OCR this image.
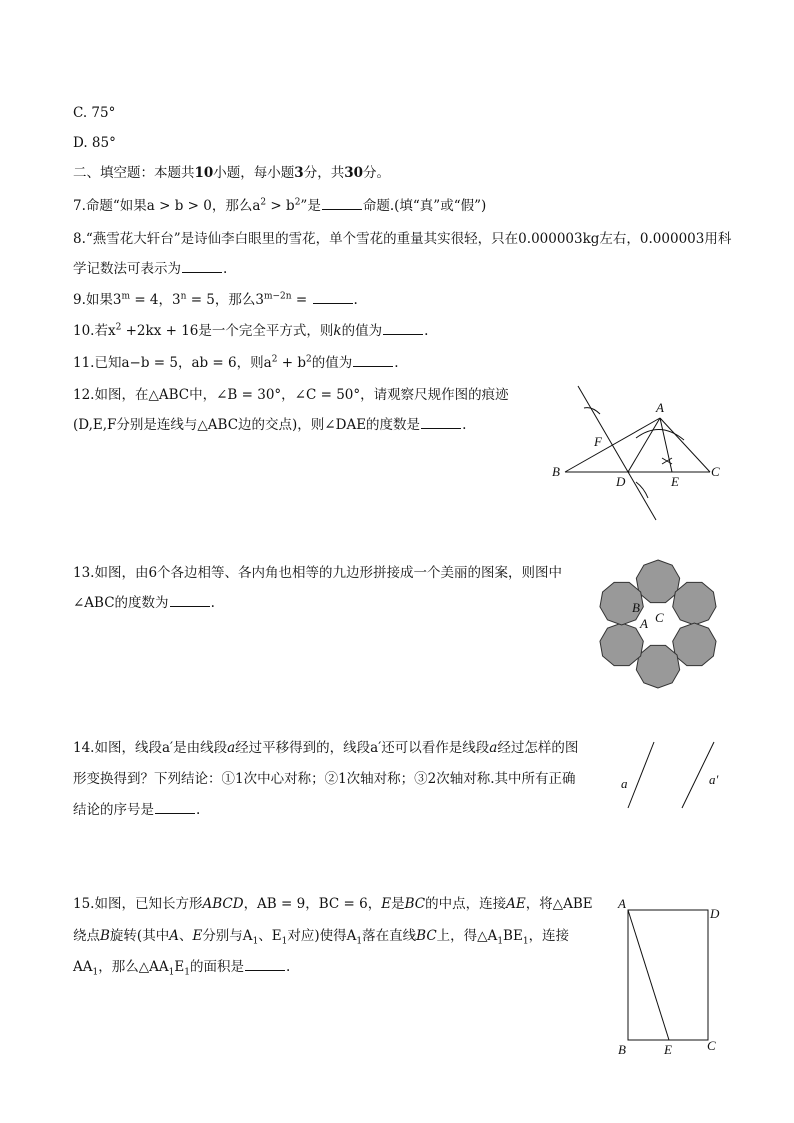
C. 75°
D. 85°
二、填空题：本题共10小题，每小题3分，共30分。
7.命题“如果a > b > 0，那么$a^2 > b^2$”是	命题.(填“真”或“假”)
8.“燕雪花大轩台”是诗仙李白眼里的雪花，单个雪花的重量其实很轻，只在0.000003kg左右，0.000003用科
学记数法可表示为	.
9.如果$3^m = 4$，$3^n = 5$，那么$3^{m-2n}$ =	.
10.若$x^2 +2kx + 16$是一个完全平方式，则k的值为	.
11.已知a−b = 5，ab = 6，则$a^2 + b^2$的值为	.
12.如图，在△ABC中，∠B = 30°，∠C = 50°，请观察尺规作图的痕迹
(D,E,F分别是连线与△ABC边的交点)，则∠DAE的度数是	.
A
B	C
D	E
F
13.如图，由6个各边相等、各内角也相等的九边形拼接成一个美丽的图案，则图中
∠ABC的度数为	.	B
C
A
14.如图，线段a′是由线段a经过平移得到的，线段a′还可以看作是线段a经过怎样的图
形变换得到？下列结论：①1次中心对称；②1次轴对称；③2次轴对称.其中所有正确
结论的序号是	.
a	a′
15.如图，已知长方形ABCD，AB = 9，BC = 6，E是BC的中点，连接AE，将△ABE
绕点B旋转(其中A、E分别与$A_1$、$E_1$对应)使得$A_1$落在直线BC上，得$\triangle A_1BE_1$，连接
$AA_1$，那么$\triangle AA_1E_1$的面积是	.
A
D
B	E	C
